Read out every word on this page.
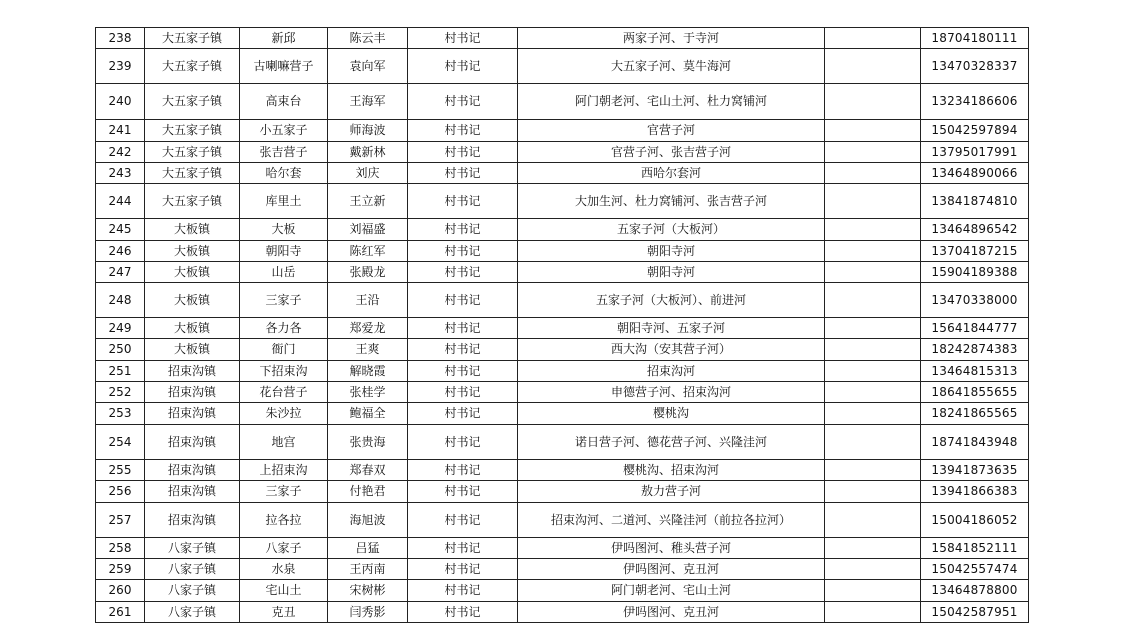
238	大五家子镇	新邱	陈云丰	村书记	两家子河、于寺河		18704180111
239	大五家子镇	古喇嘛营子	袁向军	村书记	大五家子河、莫牛海河		13470328337
240	大五家子镇	高束台	王海军	村书记	阿门朝老河、宅山土河、杜力窝铺河		13234186606
241	大五家子镇	小五家子	师海波	村书记	官营子河		15042597894
242	大五家子镇	张吉营子	戴新林	村书记	官营子河、张吉营子河		13795017991
243	大五家子镇	哈尔套	刘庆	村书记	西哈尔套河		13464890066
244	大五家子镇	库里土	王立新	村书记	大加生河、杜力窝铺河、张吉营子河		13841874810
245	大板镇	大板	刘福盛	村书记	五家子河（大板河）		13464896542
246	大板镇	朝阳寺	陈红军	村书记	朝阳寺河		13704187215
247	大板镇	山岳	张殿龙	村书记	朝阳寺河		15904189388
248	大板镇	三家子	王沿	村书记	五家子河（大板河）、前进河		13470338000
249	大板镇	各力各	郑爱龙	村书记	朝阳寺河、五家子河		15641844777
250	大板镇	衙门	王爽	村书记	西大沟（安其营子河）		18242874383
251	招束沟镇	下招束沟	解晓霞	村书记	招束沟河		13464815313
252	招束沟镇	花台营子	张桂学	村书记	申德营子河、招束沟河		18641855655
253	招束沟镇	朱沙拉	鲍福全	村书记	樱桃沟		18241865565
254	招束沟镇	地宫	张贵海	村书记	诺日营子河、德花营子河、兴隆洼河		18741843948
255	招束沟镇	上招束沟	郑春双	村书记	樱桃沟、招束沟河		13941873635
256	招束沟镇	三家子	付艳君	村书记	敖力营子河		13941866383
257	招束沟镇	拉各拉	海旭波	村书记	招束沟河、二道河、兴隆洼河（前拉各拉河）		15004186052
258	八家子镇	八家子	吕猛	村书记	伊吗图河、稚头营子河		15841852111
259	八家子镇	水泉	王丙南	村书记	伊吗图河、克丑河		15042557474
260	八家子镇	宅山土	宋树彬	村书记	阿门朝老河、宅山土河		13464878800
261	八家子镇	克丑	闫秀影	村书记	伊吗图河、克丑河		15042587951
